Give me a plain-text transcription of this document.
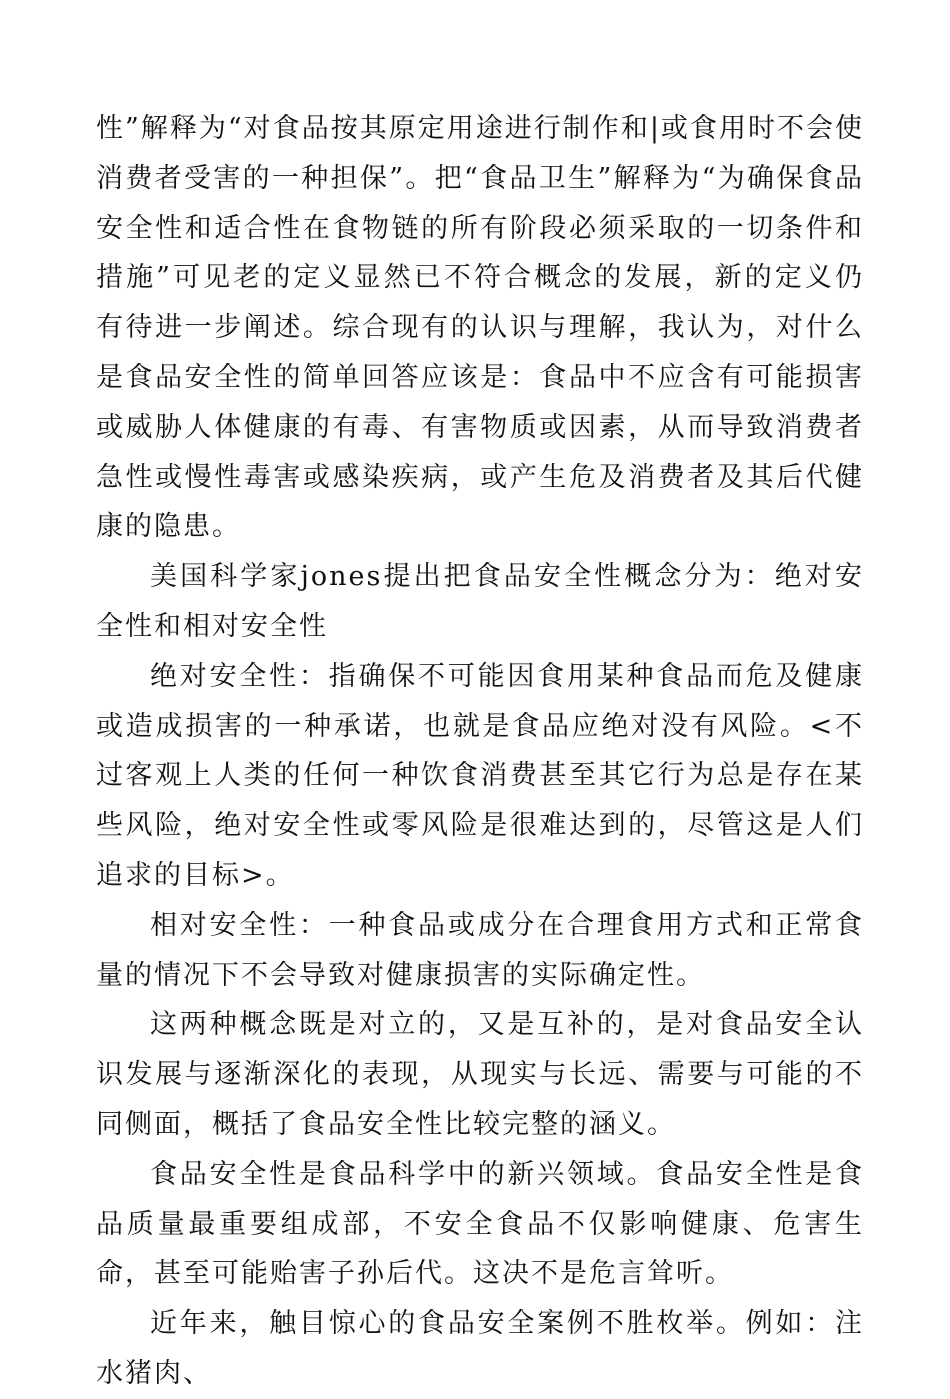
性”解释为“对食品按其原定用途进行制作和|或食用时不会使消费者受害的一种担保”。把“食品卫生”解释为“为确保食品安全性和适合性在食物链的所有阶段必须采取的一切条件和措施”可见老的定义显然已不符合概念的发展，新的定义仍有待进一步阐述。综合现有的认识与理解，我认为，对什么是食品安全性的简单回答应该是：食品中不应含有可能损害或威胁人体健康的有毒、有害物质或因素，从而导致消费者急性或慢性毒害或感染疾病，或产生危及消费者及其后代健康的隐患。

美国科学家jones提出把食品安全性概念分为：绝对安全性和相对安全性

绝对安全性：指确保不可能因食用某种食品而危及健康或造成损害的一种承诺，也就是食品应绝对没有风险。<不过客观上人类的任何一种饮食消费甚至其它行为总是存在某些风险，绝对安全性或零风险是很难达到的，尽管这是人们追求的目标>。

相对安全性：一种食品或成分在合理食用方式和正常食量的情况下不会导致对健康损害的实际确定性。

这两种概念既是对立的，又是互补的，是对食品安全认识发展与逐渐深化的表现，从现实与长远、需要与可能的不同侧面，概括了食品安全性比较完整的涵义。

食品安全性是食品科学中的新兴领域。食品安全性是食品质量最重要组成部，不安全食品不仅影响健康、危害生命，甚至可能贻害子孙后代。这决不是危言耸听。

近年来，触目惊心的食品安全案例不胜枚举。例如：注水猪肉、
